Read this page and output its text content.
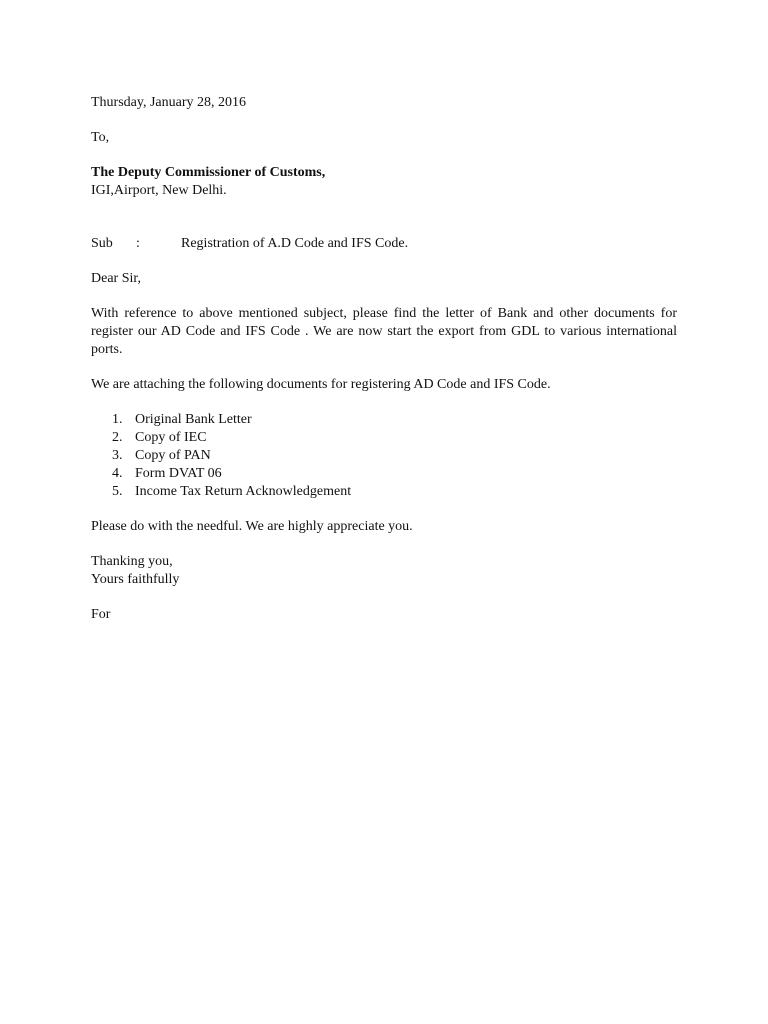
Thursday, January 28, 2016

To,

The Deputy Commissioner of Customs,

IGI,Airport, New Delhi.

Sub	:	Registration of A.D Code and IFS Code.

Dear Sir,

With reference to above mentioned subject, please find the letter of Bank and other documents for register our AD Code and IFS Code . We are now start the export from GDL to various international ports.

We are attaching the following documents for registering AD Code and IFS Code.

1. Original Bank Letter
2. Copy of IEC
3. Copy of PAN
4. Form DVAT 06
5. Income Tax Return Acknowledgement

Please do with the needful. We are highly appreciate you.

Thanking you,

Yours faithfully

For
